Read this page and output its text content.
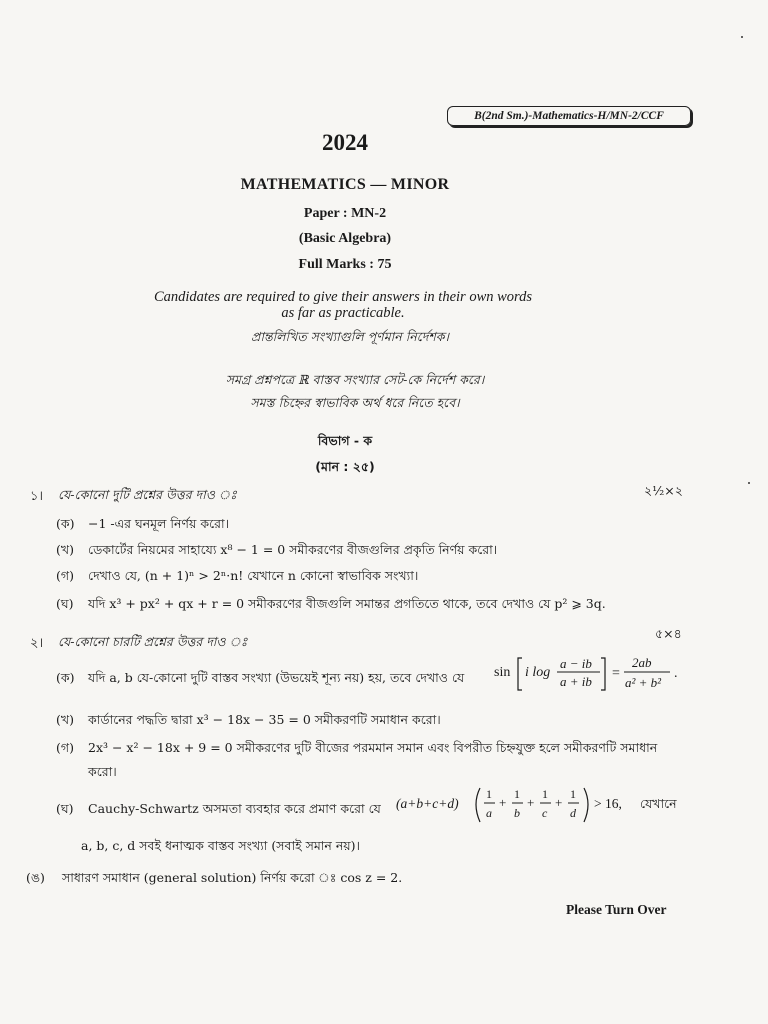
B(2nd Sm.)-Mathematics-H/MN-2/CCF
2024
MATHEMATICS — MINOR
Paper : MN-2
(Basic Algebra)
Full Marks : 75
Candidates are required to give their answers in their own words
as far as practicable.
প্রান্তলিখিত সংখ্যাগুলি পূর্ণমান নির্দেশক।
সমগ্র প্রশ্নপত্রে ℝ বাস্তব সংখ্যার সেট-কে নির্দেশ করে।
সমস্ত চিহ্নের স্বাভাবিক অর্থ ধরে নিতে হবে।
বিভাগ - ক
(মান : ২৫)
১। যে-কোনো দুটি প্রশ্নের উত্তর দাও ঃ	২½×২
(ক) −1 -এর ঘনমূল নির্ণয় করো।
(খ) ডেকার্টের নিয়মের সাহায্যে x⁸ − 1 = 0 সমীকরণের বীজগুলির প্রকৃতি নির্ণয় করো।
(গ) দেখাও যে, (n + 1)ⁿ > 2ⁿ·n! যেখানে n কোনো স্বাভাবিক সংখ্যা।
(ঘ) যদি x³ + px² + qx + r = 0 সমীকরণের বীজগুলি সমান্তর প্রগতিতে থাকে, তবে দেখাও যে p² ⩾ 3q.
২। যে-কোনো চারটি প্রশ্নের উত্তর দাও ঃ
৫×৪
(ক) যদি a, b যে-কোনো দুটি বাস্তব সংখ্যা (উভয়েই শূন্য নয়) হয়, তবে দেখাও যে sin i log
a − ib
a + ib
=
2ab
a² + b²
.
(খ) কার্ডানের পদ্ধতি দ্বারা x³ − 18x − 35 = 0 সমীকরণটি সমাধান করো।
(গ) 2x³ − x² − 18x + 9 = 0 সমীকরণের দুটি বীজের পরমমান সমান এবং বিপরীত চিহ্নযুক্ত হলে সমীকরণটি সমাধান
করো।
(ঘ) Cauchy-Schwartz অসমতা ব্যবহার করে প্রমাণ করো যে (a+b+c+d)
1
a
+
1
b
+
1
c
+
1
d
> 16, যেখানে
a, b, c, d সবই ধনাত্মক বাস্তব সংখ্যা (সবাই সমান নয়)।
(ঙ) সাধারণ সমাধান (general solution) নির্ণয় করো ঃ cos z = 2.
Please Turn Over
